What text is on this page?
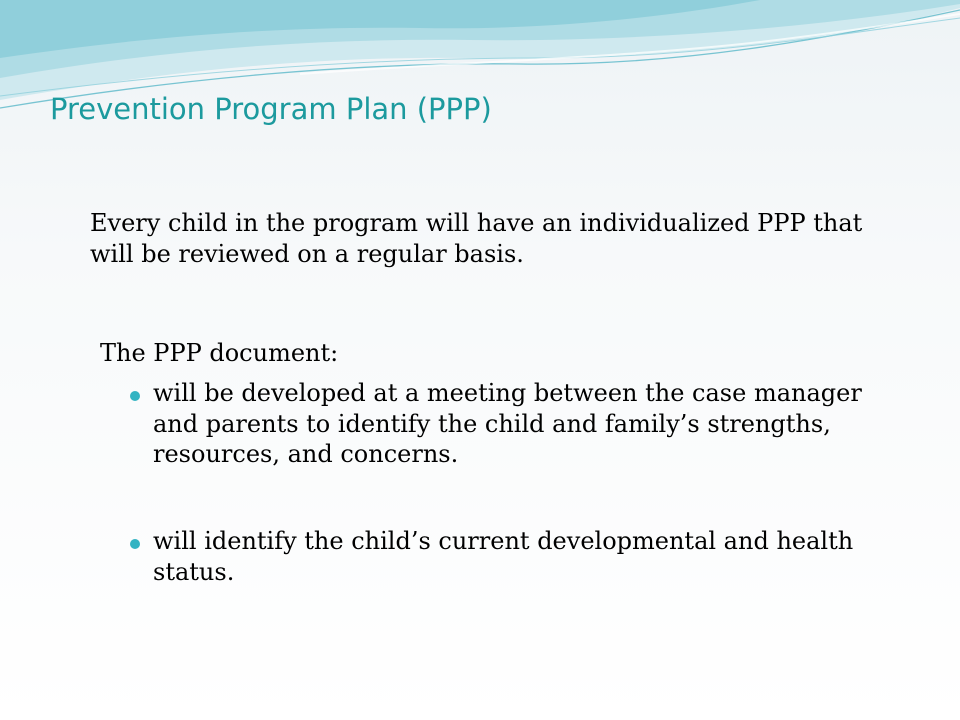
Prevention Program Plan (PPP)
Every child in the program will have an individualized PPP that will be reviewed on a regular basis.
The PPP document:
will be developed at a meeting between the case manager and parents to identify the child and family’s strengths, resources, and concerns.
will identify the child’s current developmental and health status.
